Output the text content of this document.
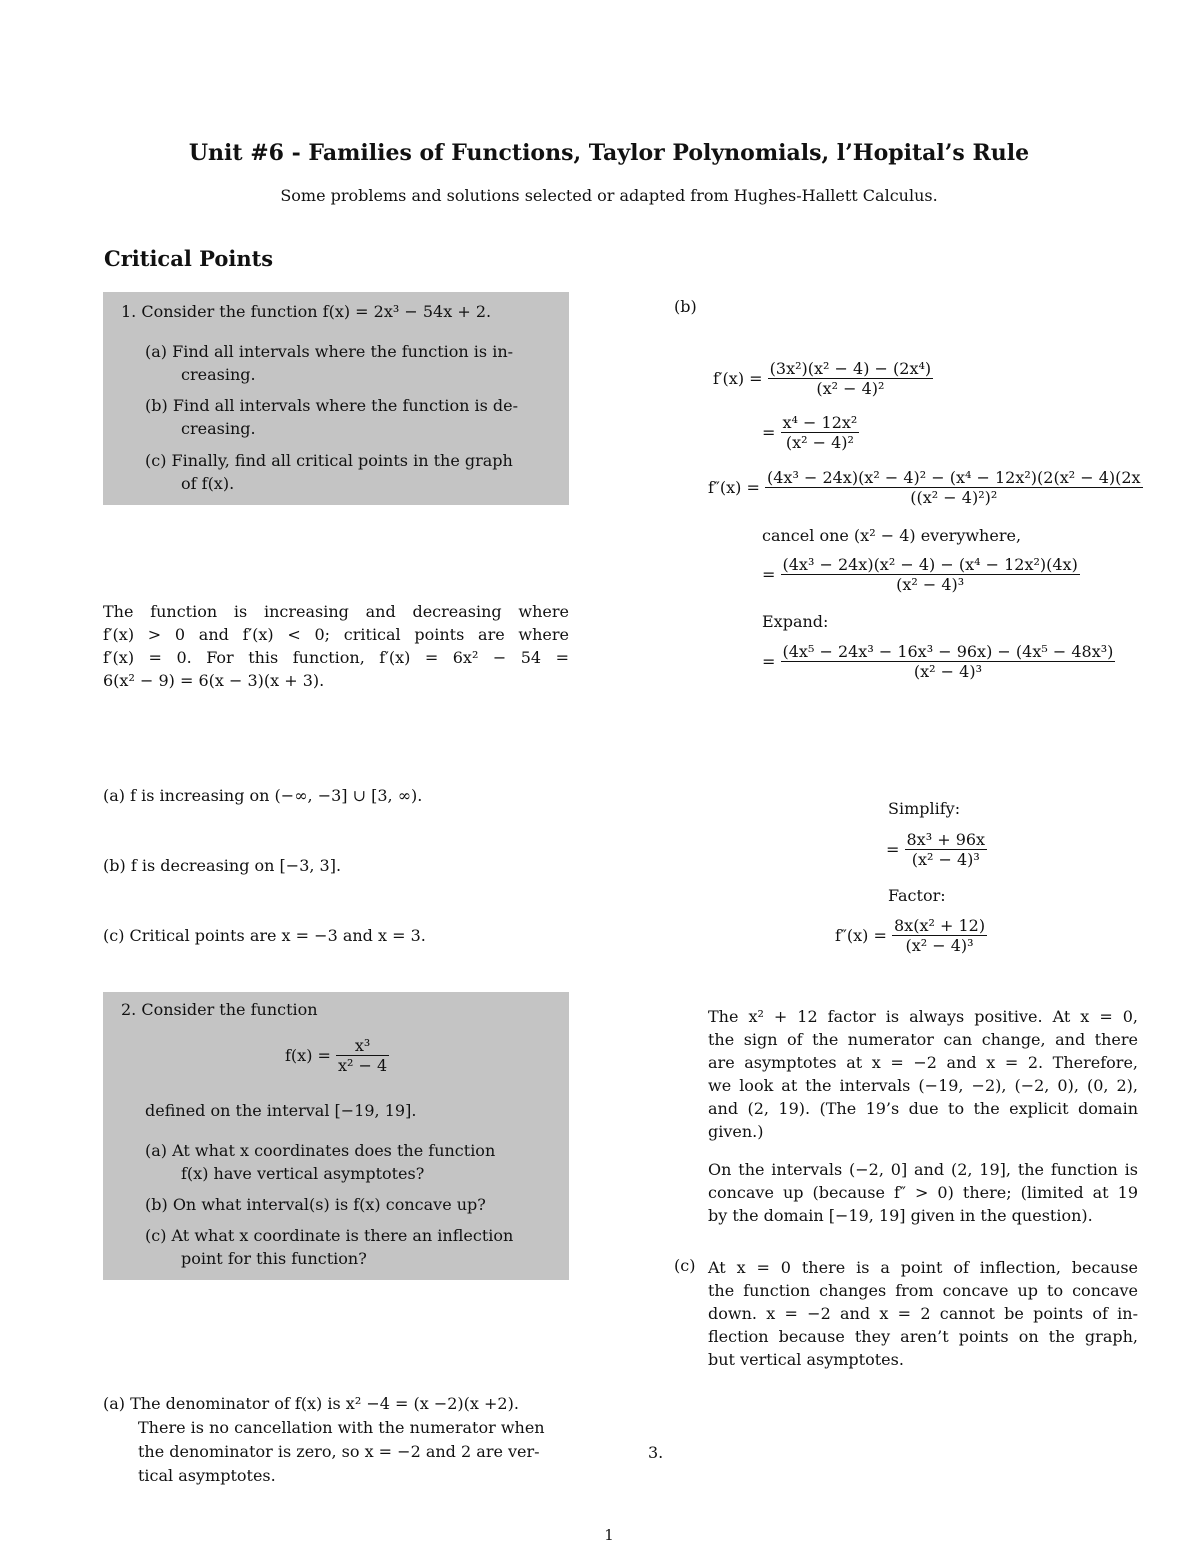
Unit #6 - Families of Functions, Taylor Polynomials, l’Hopital’s Rule
Some problems and solutions selected or adapted from Hughes-Hallett Calculus.
Critical Points
1. Consider the function f(x) = 2x³ − 54x + 2.
(a) Find all intervals where the function is in-
creasing.
(b) Find all intervals where the function is de-
creasing.
(c) Finally, find all critical points in the graph
of f(x).
The function is increasing and decreasing where
f′(x) > 0 and f′(x) < 0; critical points are where
f′(x) = 0. For this function, f′(x) = 6x² − 54 =
6(x² − 9) = 6(x − 3)(x + 3).
(a) f is increasing on (−∞, −3] ∪ [3, ∞).
(b) f is decreasing on [−3, 3].
(c) Critical points are x = −3 and x = 3.
2. Consider the function
$f(x) = \frac{\text{x³}}{\text{x² − 4}}$
defined on the interval [−19, 19].
(a) At what x coordinates does the function
f(x) have vertical asymptotes?
(b) On what interval(s) is f(x) concave up?
(c) At what x coordinate is there an inflection
point for this function?
(a) The denominator of f(x) is x² −4 = (x −2)(x +2).
There is no cancellation with the numerator when
the denominator is zero, so x = −2 and 2 are ver-
tical asymptotes.
(b)
$f'(x) = \frac{\text{(3x²)(x² − 4) − (2x⁴)}}{\text{(x² − 4)²}}$
= $\frac{\text{x⁴ − 12x²}}{\text{(x² − 4)²}}$
$f''(x) = \frac{\text{(4x³ − 24x)(x² − 4)² − (x⁴ − 12x²)(2(x² − 4)(2x}}{\text{((x² − 4)²)²}}$
cancel one (x² − 4) everywhere,
= $\frac{\text{(4x³ − 24x)(x² − 4) − (x⁴ − 12x²)(4x)}}{\text{(x² − 4)³}}$
Expand:
= $\frac{\text{(4x⁵ − 24x³ − 16x³ − 96x) − (4x⁵ − 48x³)}}{\text{(x² − 4)³}}$
Simplify:
= $\frac{\text{8x³ + 96x}}{\text{(x² − 4)³}}$
Factor:
$f''(x) = \frac{\text{8x(x² + 12)}}{\text{(x² − 4)³}}$
The x² + 12 factor is always positive. At x = 0,
the sign of the numerator can change, and there
are asymptotes at x = −2 and x = 2. Therefore,
we look at the intervals (−19, −2), (−2, 0), (0, 2),
and (2, 19). (The 19’s due to the explicit domain
given.)
On the intervals (−2, 0] and (2, 19], the function is
concave up (because f″ > 0) there; (limited at 19
by the domain [−19, 19] given in the question).
(c) At x = 0 there is a point of inflection, because
the function changes from concave up to concave
down. x = −2 and x = 2 cannot be points of in-
flection because they aren’t points on the graph,
but vertical asymptotes.
3.
1
